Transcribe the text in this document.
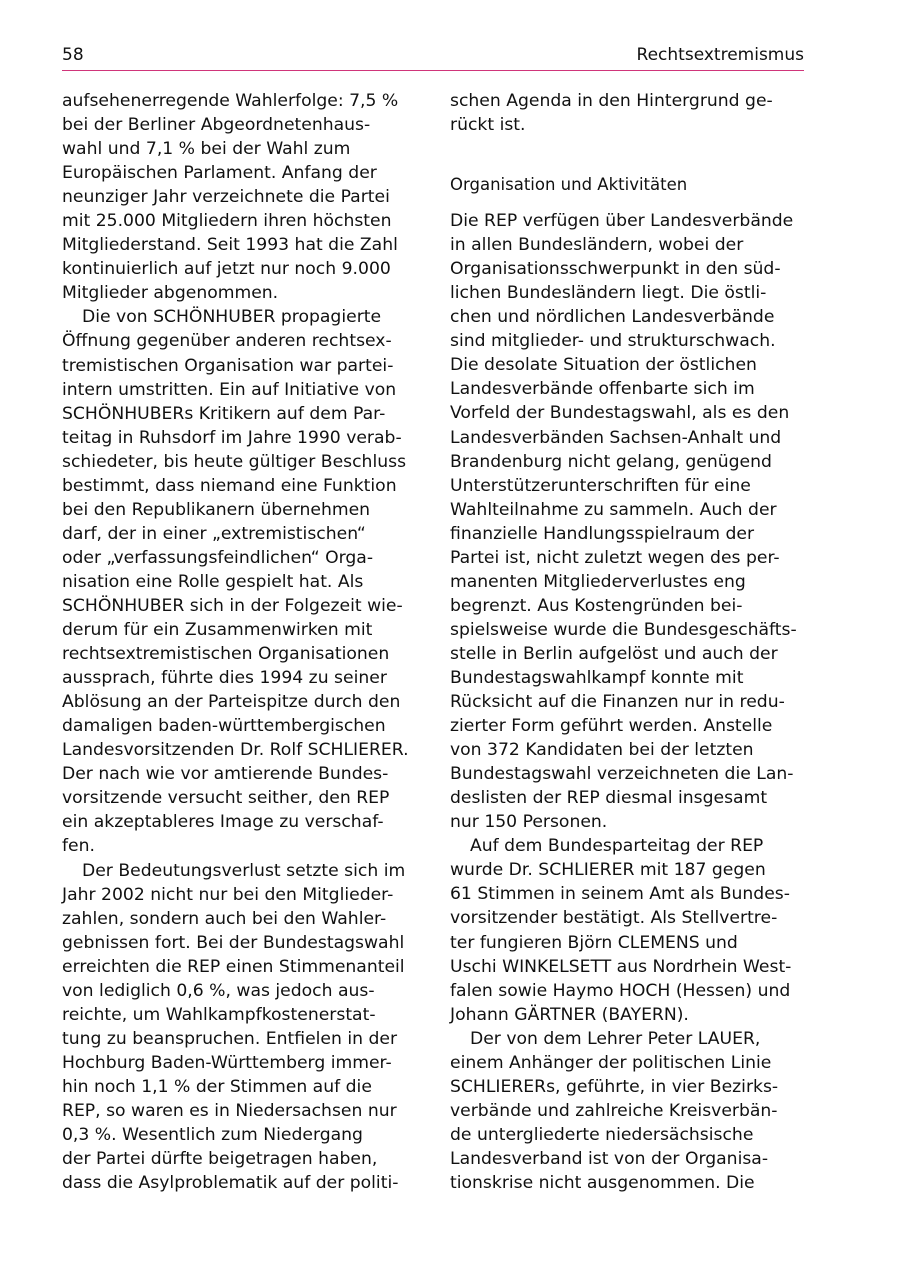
58	Rechtsextremismus

aufsehenerregende Wahlerfolge: 7,5 %
bei der Berliner Abgeordnetenhaus-
wahl und 7,1 % bei der Wahl zum
Europäischen Parlament. Anfang der
neunziger Jahr verzeichnete die Partei
mit 25.000 Mitgliedern ihren höchsten
Mitgliederstand. Seit 1993 hat die Zahl
kontinuierlich auf jetzt nur noch 9.000
Mitglieder abgenommen.

Die von SCHÖNHUBER propagierte
Öffnung gegenüber anderen rechtsex-
tremistischen Organisation war partei-
intern umstritten. Ein auf Initiative von
SCHÖNHUBERs Kritikern auf dem Par-
teitag in Ruhsdorf im Jahre 1990 verab-
schiedeter, bis heute gültiger Beschluss
bestimmt, dass niemand eine Funktion
bei den Republikanern übernehmen
darf, der in einer „extremistischen“
oder „verfassungsfeindlichen“ Orga-
nisation eine Rolle gespielt hat. Als
SCHÖNHUBER sich in der Folgezeit wie-
derum für ein Zusammenwirken mit
rechtsextremistischen Organisationen
aussprach, führte dies 1994 zu seiner
Ablösung an der Parteispitze durch den
damaligen baden-württembergischen
Landesvorsitzenden Dr. Rolf SCHLIERER.
Der nach wie vor amtierende Bundes-
vorsitzende versucht seither, den REP
ein akzeptableres Image zu verschaf-
fen.

Der Bedeutungsverlust setzte sich im
Jahr 2002 nicht nur bei den Mitglieder-
zahlen, sondern auch bei den Wahler-
gebnissen fort. Bei der Bundestagswahl
erreichten die REP einen Stimmenanteil
von lediglich 0,6 %, was jedoch aus-
reichte, um Wahlkampfkostenerstat-
tung zu beanspruchen. Entfielen in der
Hochburg Baden-Württemberg immer-
hin noch 1,1 % der Stimmen auf die
REP, so waren es in Niedersachsen nur
0,3 %. Wesentlich zum Niedergang
der Partei dürfte beigetragen haben,
dass die Asylproblematik auf der politi-

schen Agenda in den Hintergrund ge-
rückt ist.

Organisation und Aktivitäten

Die REP verfügen über Landesverbände
in allen Bundesländern, wobei der
Organisationsschwerpunkt in den süd-
lichen Bundesländern liegt. Die östli-
chen und nördlichen Landesverbände
sind mitglieder- und strukturschwach.
Die desolate Situation der östlichen
Landesverbände offenbarte sich im
Vorfeld der Bundestagswahl, als es den
Landesverbänden Sachsen-Anhalt und
Brandenburg nicht gelang, genügend
Unterstützerunterschriften für eine
Wahlteilnahme zu sammeln. Auch der
finanzielle Handlungsspielraum der
Partei ist, nicht zuletzt wegen des per-
manenten Mitgliederverlustes eng
begrenzt. Aus Kostengründen bei-
spielsweise wurde die Bundesgeschäfts-
stelle in Berlin aufgelöst und auch der
Bundestagswahlkampf konnte mit
Rücksicht auf die Finanzen nur in redu-
zierter Form geführt werden. Anstelle
von 372 Kandidaten bei der letzten
Bundestagswahl verzeichneten die Lan-
deslisten der REP diesmal insgesamt
nur 150 Personen.

Auf dem Bundesparteitag der REP
wurde Dr. SCHLIERER mit 187 gegen
61 Stimmen in seinem Amt als Bundes-
vorsitzender bestätigt. Als Stellvertre-
ter fungieren Björn CLEMENS und
Uschi WINKELSETT aus Nordrhein West-
falen sowie Haymo HOCH (Hessen) und
Johann GÄRTNER (BAYERN).

Der von dem Lehrer Peter LAUER,
einem Anhänger der politischen Linie
SCHLIERERs, geführte, in vier Bezirks-
verbände und zahlreiche Kreisverbän-
de untergliederte niedersächsische
Landesverband ist von der Organisa-
tionskrise nicht ausgenommen. Die
